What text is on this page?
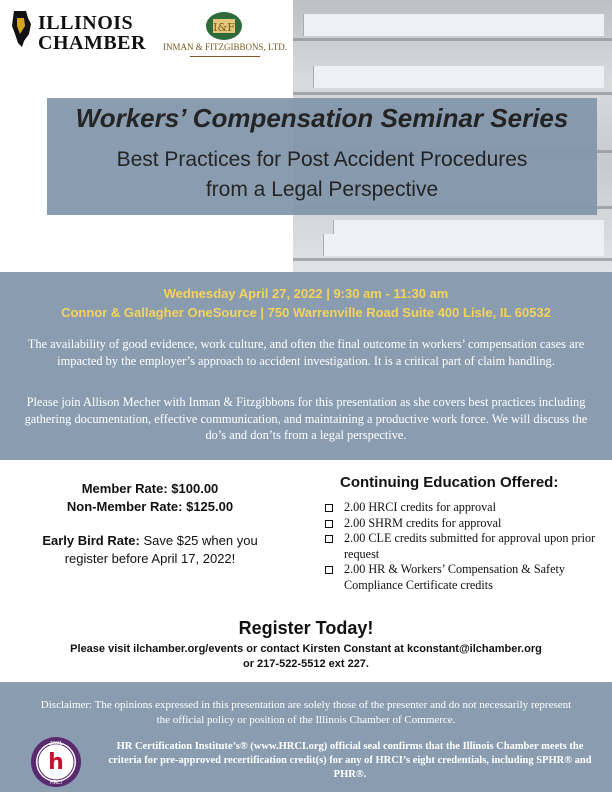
ILLINOIS
CHAMBER
I&F
INMAN & FITZGIBBONS, LTD.
Workers’ Compensation Seminar Series
Best Practices for Post Accident Procedures
from a Legal Perspective
Wednesday April 27, 2022 | 9:30 am - 11:30 am
Connor & Gallagher OneSource | 750 Warrenville Road Suite 400 Lisle, IL 60532
The availability of good evidence, work culture, and often the final outcome in workers’ compensation cases are impacted by the employer’s approach to accident investigation. It is a critical part of claim handling.
Please join Allison Mecher with Inman & Fitzgibbons for this presentation as she covers best practices including gathering documentation, effective communication, and maintaining a productive work force. We will discuss the do’s and don’ts from a legal perspective.
Member Rate: $100.00
Non-Member Rate: $125.00
Early Bird Rate: Save $25 when you register before April 17, 2022!
Continuing Education Offered:
2.00 HRCI credits for approval
2.00 SHRM credits for approval
2.00 CLE credits submitted for approval upon prior request
2.00 HR & Workers’ Compensation & Safety Compliance Certificate credits
Register Today!
Please visit ilchamber.org/events or contact Kirsten Constant at kconstant@ilchamber.org
or 217-522-5512 ext 227.
Disclaimer: The opinions expressed in this presentation are solely those of the presenter and do not necessarily represent the official policy or position of the Illinois Chamber of Commerce.
2021
h
HRCI
HR Certification Institute’s® (www.HRCI.org) official seal confirms that the Illinois Chamber meets the criteria for pre-approved recertification credit(s) for any of HRCI’s eight credentials, including SPHR® and PHR®.
